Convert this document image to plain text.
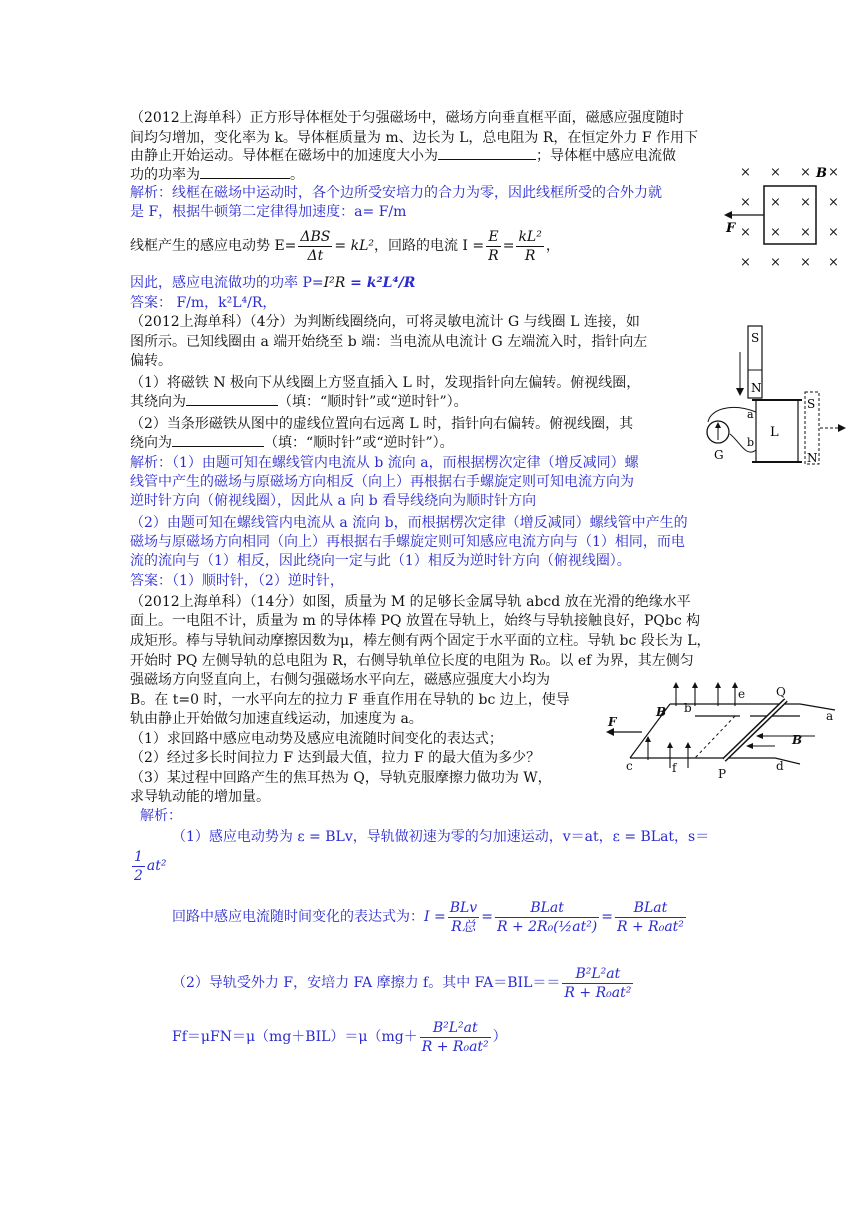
（2012上海单科）正方形导体框处于匀强磁场中，磁场方向垂直框平面，磁感应强度随时
间均匀增加，变化率为 k。导体框质量为 m、边长为 L，总电阻为 R，在恒定外力 F 作用下
由静止开始运动。导体框在磁场中的加速度大小为	；导体框中感应电流做
功的功率为	。
解析：线框在磁场中运动时，各个边所受安培力的合力为零，因此线框所受的合外力就
是 F，根据牛顿第二定律得加速度：a= F/m
线框产生的感应电动势 $E= \frac{\text{ΔBS}}{\Delta t} = kL^2$，回路的电流 $I = \frac{E}{R} = \frac{\text{kL²}}{R}$ ，
因此，感应电流做功的功率 P=I²R = k²L⁴/R
答案： F/m，k²L⁴/R，
× × × ×
× × × ×
× × × ×
× × × ×
F
B
（2012上海单科）（4分）为判断线圈绕向，可将灵敏电流计 G 与线圈 L 连接，如
图所示。已知线圈由 a 端开始绕至 b 端：当电流从电流计 G 左端流入时，指针向左
偏转。
（1）将磁铁 N 极向下从线圈上方竖直插入 L 时，发现指针向左偏转。俯视线圈，
其绕向为	（填：“顺时针”或“逆时针”）。
（2）当条形磁铁从图中的虚线位置向右远离 L 时，指针向右偏转。俯视线圈，其
绕向为	（填：“顺时针”或“逆时针”）。
解析：（1）由题可知在螺线管内电流从 b 流向 a，而根据楞次定律（增反减同）螺
线管中产生的磁场与原磁场方向相反（向上）再根据右手螺旋定则可知电流方向为
逆时针方向（俯视线圈），因此从 a 向 b 看导线绕向为顺时针方向
（2）由题可知在螺线管内电流从 a 流向 b，而根据楞次定律（增反减同）螺线管中产生的
磁场与原磁场方向相同（向上）再根据右手螺旋定则可知感应电流方向与（1）相同，而电
流的流向与（1）相反，因此绕向一定与此（1）相反为逆时针方向（俯视线圈）。
答案：（1）顺时针，（2）逆时针，
S
N
L
a
b
G
S
N
（2012上海单科）（14分）如图，质量为 M 的足够长金属导轨 abcd 放在光滑的绝缘水平
面上。一电阻不计，质量为 m 的导体棒 PQ 放置在导轨上，始终与导轨接触良好，PQbc 构
成矩形。棒与导轨间动摩擦因数为μ，棒左侧有两个固定于水平面的立柱。导轨 bc 段长为 L，
开始时 PQ 左侧导轨的总电阻为 R，右侧导轨单位长度的电阻为 R₀。以 ef 为界，其左侧匀
强磁场方向竖直向上，右侧匀强磁场水平向左，磁感应强度大小均为
B。在 t=0 时，一水平向左的拉力 F 垂直作用在导轨的 bc 边上，使导
轨由静止开始做匀加速直线运动，加速度为 a。
（1）求回路中感应电动势及感应电流随时间变化的表达式；
（2）经过多长时间拉力 F 达到最大值，拉力 F 的最大值为多少？
（3）某过程中回路产生的焦耳热为 Q，导轨克服摩擦力做功为 W，
求导轨动能的增加量。
解析：
（1）感应电动势为 ε = BLv，导轨做初速为零的匀加速运动，v＝at，ε = BLat，s＝
$\frac{1}{2} at^2$
回路中感应电流随时间变化的表达式为：$I = \frac{\text{BLv}}{\text{R总}} = \frac{\text{BLat}}{\text{R + 2R₀(½at²)}} = \frac{\text{BLat}}{\text{R + R₀at²}}$
（2）导轨受外力 F，安培力 FA 摩擦力 f。其中 $FA=BIL== \frac{\text{B²L²at}}{\text{R + R₀at²}}$
$Ff=\mu FN=\mu(mg+BIL)=\mu(mg+ \frac{\text{B²L²at}}{\text{R + R₀at²}}$ ）
F
B
B
b
c	d
e
f
a
P
Q
